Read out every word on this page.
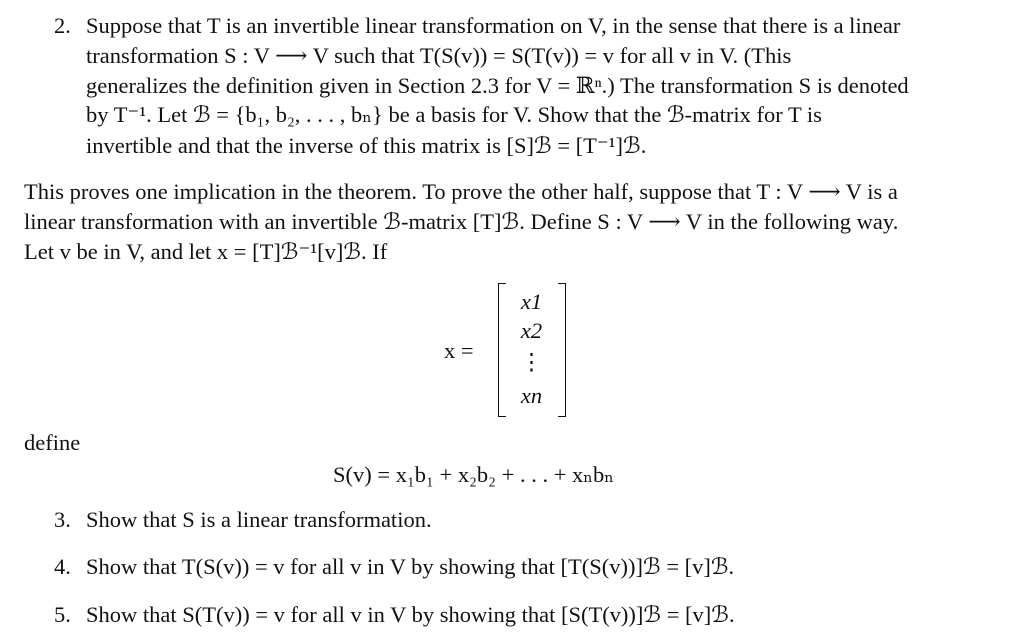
2. Suppose that T is an invertible linear transformation on V, in the sense that there is a linear
transformation S : V ⟶ V such that T(S(v)) = S(T(v)) = v for all v in V. (This
generalizes the definition given in Section 2.3 for V = ℝⁿ.) The transformation S is denoted
by T⁻¹. Let ℬ = {b₁, b₂, . . . , bₙ} be a basis for V. Show that the ℬ-matrix for T is
invertible and that the inverse of this matrix is [S]ℬ = [T⁻¹]ℬ.
This proves one implication in the theorem. To prove the other half, suppose that T : V ⟶ V is a
linear transformation with an invertible ℬ-matrix [T]ℬ. Define S : V ⟶ V in the following way.
Let v be in V, and let x = [T]ℬ⁻¹[v]ℬ. If
x =
x1
x2
⋮
xn
define
S(v) = x₁b₁ + x₂b₂ + . . . + xₙbₙ
3. Show that S is a linear transformation.
4. Show that T(S(v)) = v for all v in V by showing that [T(S(v))]ℬ = [v]ℬ.
5. Show that S(T(v)) = v for all v in V by showing that [S(T(v))]ℬ = [v]ℬ.
